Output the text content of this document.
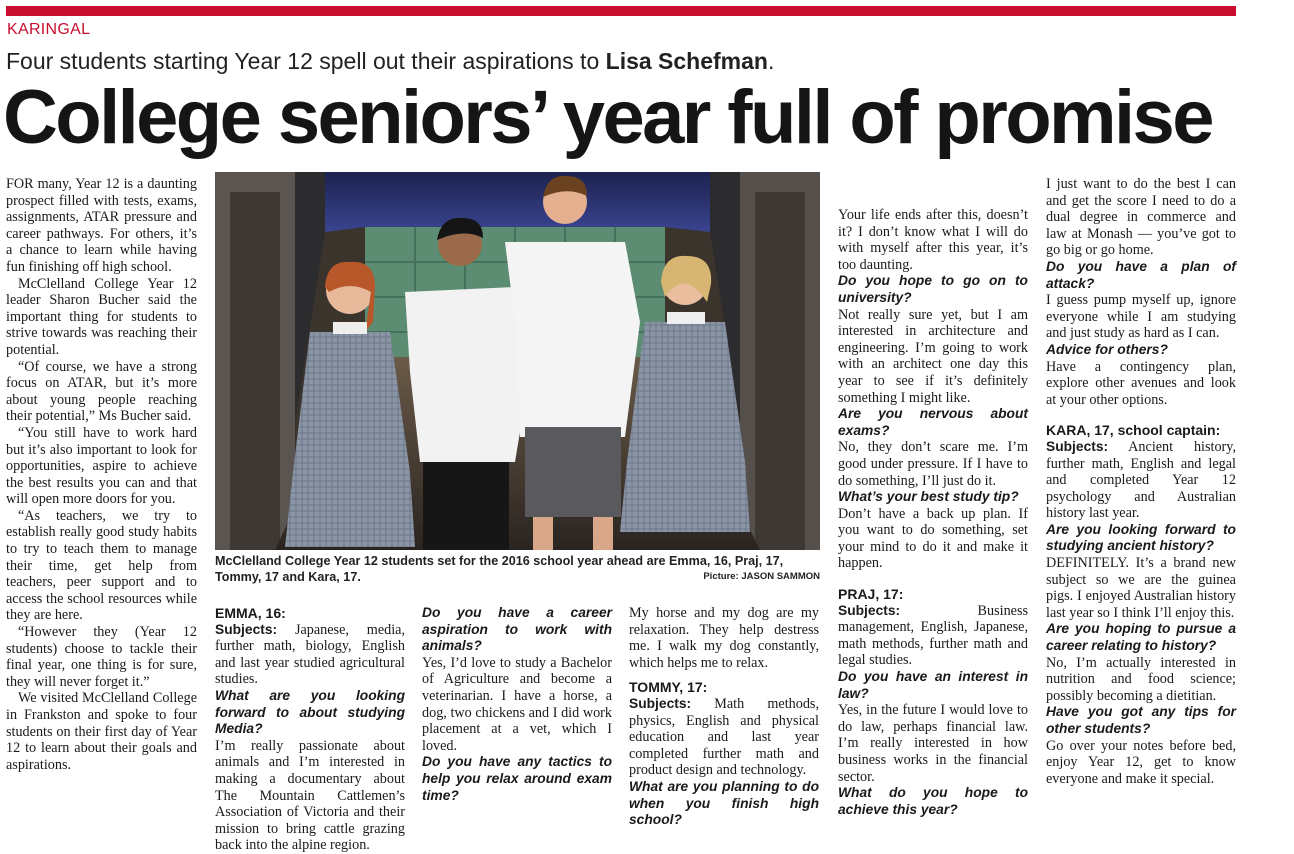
KARINGAL
Four students starting Year 12 spell out their aspirations to Lisa Schefman.
College seniors’ year full of promise

FOR many, Year 12 is a daunting prospect filled with tests, exams, assignments, ATAR pressure and career pathways. For others, it’s a chance to learn while having fun finishing off high school.

McClelland College Year 12 leader Sharon Bucher said the important thing for students to strive towards was reaching their potential.

“Of course, we have a strong focus on ATAR, but it’s more about young people reaching their potential,” Ms Bucher said.

“You still have to work hard but it’s also important to look for opportunities, aspire to achieve the best results you can and that will open more doors for you.

“As teachers, we try to establish really good study habits to try to teach them to manage their time, get help from teachers, peer support and to access the school resources while they are here.

“However they (Year 12 students) choose to tackle their final year, one thing is for sure, they will never forget it.”

We visited McClelland College in Frankston and spoke to four students on their first day of Year 12 to learn about their goals and aspirations.

McClelland College Year 12 students set for the 2016 school year ahead are Emma, 16, Praj, 17, Tommy, 17 and Kara, 17.	Picture: JASON SAMMON
EMMA, 16:

Subjects: Japanese, media, further math, biology, English and last year studied agricultural studies.

What are you looking forward to about studying Media?

I’m really passionate about animals and I’m interested in making a documentary about The Mountain Cattlemen’s Association of Victoria and their mission to bring cattle grazing back into the alpine region.

Do you have a career aspiration to work with animals?

Yes, I’d love to study a Bachelor of Agriculture and become a veterinarian. I have a horse, a dog, two chickens and I did work placement at a vet, which I loved.

Do you have any tactics to help you relax around exam time?

My horse and my dog are my relaxation. They help destress me. I walk my dog constantly, which helps me to relax.

TOMMY, 17:

Subjects: Math methods, physics, English and physical education and last year completed further math and product design and technology.

What are you planning to do when you finish high school?

Your life ends after this, doesn’t it? I don’t know what I will do with myself after this year, it’s too daunting.

Do you hope to go on to university?

Not really sure yet, but I am interested in architecture and engineering. I’m going to work with an architect one day this year to see if it’s definitely something I might like.

Are you nervous about exams?

No, they don’t scare me. I’m good under pressure. If I have to do something, I’ll just do it.

What’s your best study tip?

Don’t have a back up plan. If you want to do something, set your mind to do it and make it happen.

PRAJ, 17:

Subjects: Business management, English, Japanese, math methods, further math and legal studies.

Do you have an interest in law?

Yes, in the future I would love to do law, perhaps financial law. I’m really interested in how business works in the financial sector.

What do you hope to achieve this year?

I just want to do the best I can and get the score I need to do a dual degree in commerce and law at Monash — you’ve got to go big or go home.

Do you have a plan of attack?

I guess pump myself up, ignore everyone while I am studying and just study as hard as I can.

Advice for others?

Have a contingency plan, explore other avenues and look at your other options.

KARA, 17, school captain:

Subjects: Ancient history, further math, English and legal and completed Year 12 psychology and Australian history last year.

Are you looking forward to studying ancient history?

DEFINITELY. It’s a brand new subject so we are the guinea pigs. I enjoyed Australian history last year so I think I’ll enjoy this.

Are you hoping to pursue a career relating to history?

No, I’m actually interested in nutrition and food science; possibly becoming a dietitian.

Have you got any tips for other students?

Go over your notes before bed, enjoy Year 12, get to know everyone and make it special.
